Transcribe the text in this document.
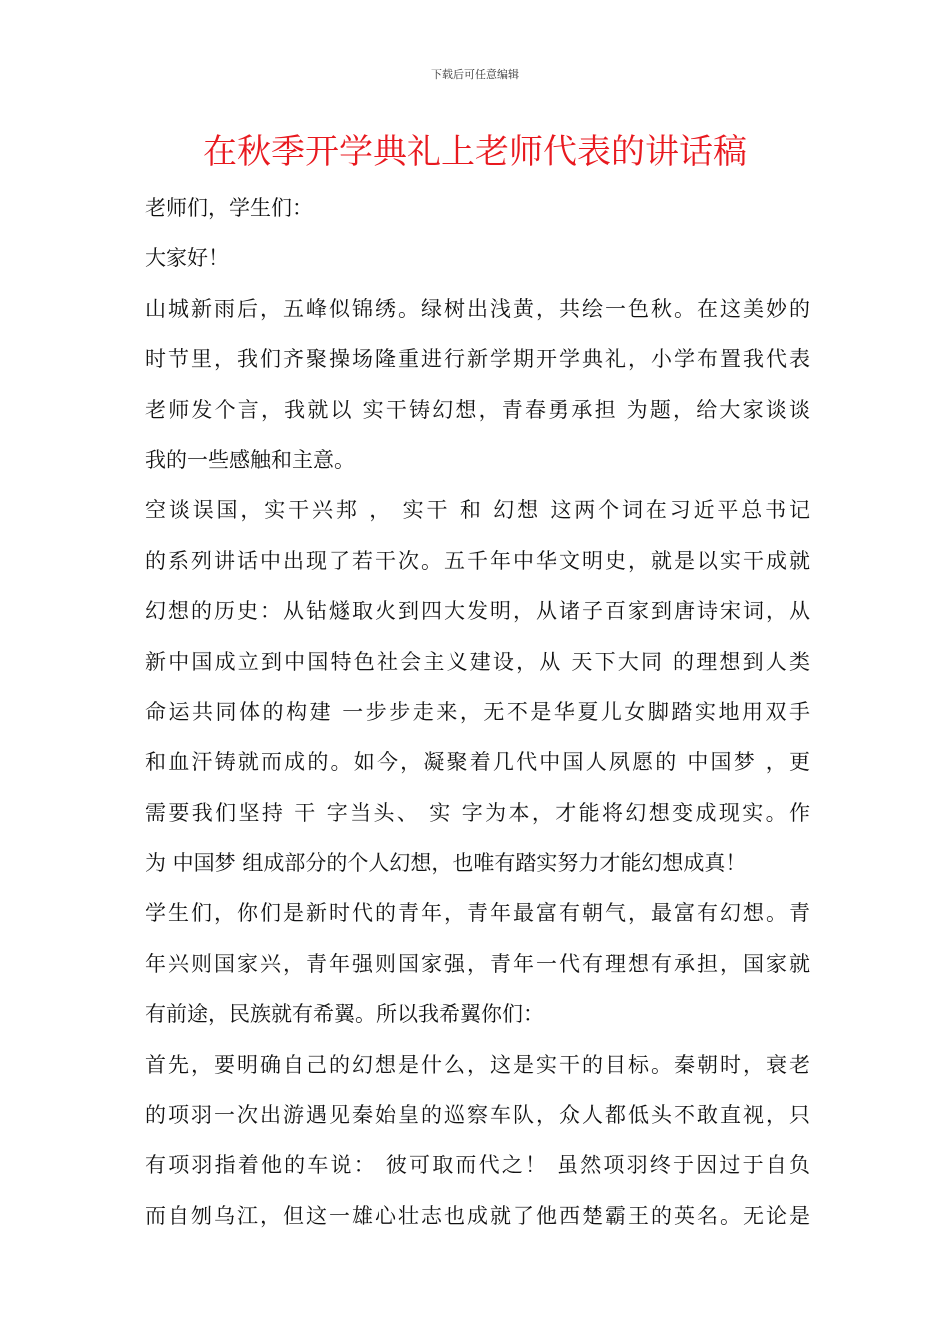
下载后可任意编辑
在秋季开学典礼上老师代表的讲话稿
老师们，学生们：
大家好！
山城新雨后，五峰似锦绣。绿树出浅黄，共绘一色秋。在这美妙的
时节里，我们齐聚操场隆重进行新学期开学典礼，小学布置我代表
老师发个言，我就以 实干铸幻想，青春勇承担 为题，给大家谈谈
我的一些感触和主意。
空谈误国，实干兴邦 ， 实干 和 幻想 这两个词在习近平总书记
的系列讲话中出现了若干次。五千年中华文明史，就是以实干成就
幻想的历史：从钻燧取火到四大发明，从诸子百家到唐诗宋词，从
新中国成立到中国特色社会主义建设，从 天下大同 的理想到人类
命运共同体的构建 一步步走来，无不是华夏儿女脚踏实地用双手
和血汗铸就而成的。如今，凝聚着几代中国人夙愿的 中国梦 ，更
需要我们坚持 干 字当头、 实 字为本，才能将幻想变成现实。作
为 中国梦 组成部分的个人幻想，也唯有踏实努力才能幻想成真！
学生们，你们是新时代的青年，青年最富有朝气，最富有幻想。青
年兴则国家兴，青年强则国家强，青年一代有理想有承担，国家就
有前途，民族就有希翼。所以我希翼你们：
首先，要明确自己的幻想是什么，这是实干的目标。秦朝时，衰老
的项羽一次出游遇见秦始皇的巡察车队，众人都低头不敢直视，只
有项羽指着他的车说： 彼可取而代之！ 虽然项羽终于因过于自负
而自刎乌江，但这一雄心壮志也成就了他西楚霸王的英名。无论是
